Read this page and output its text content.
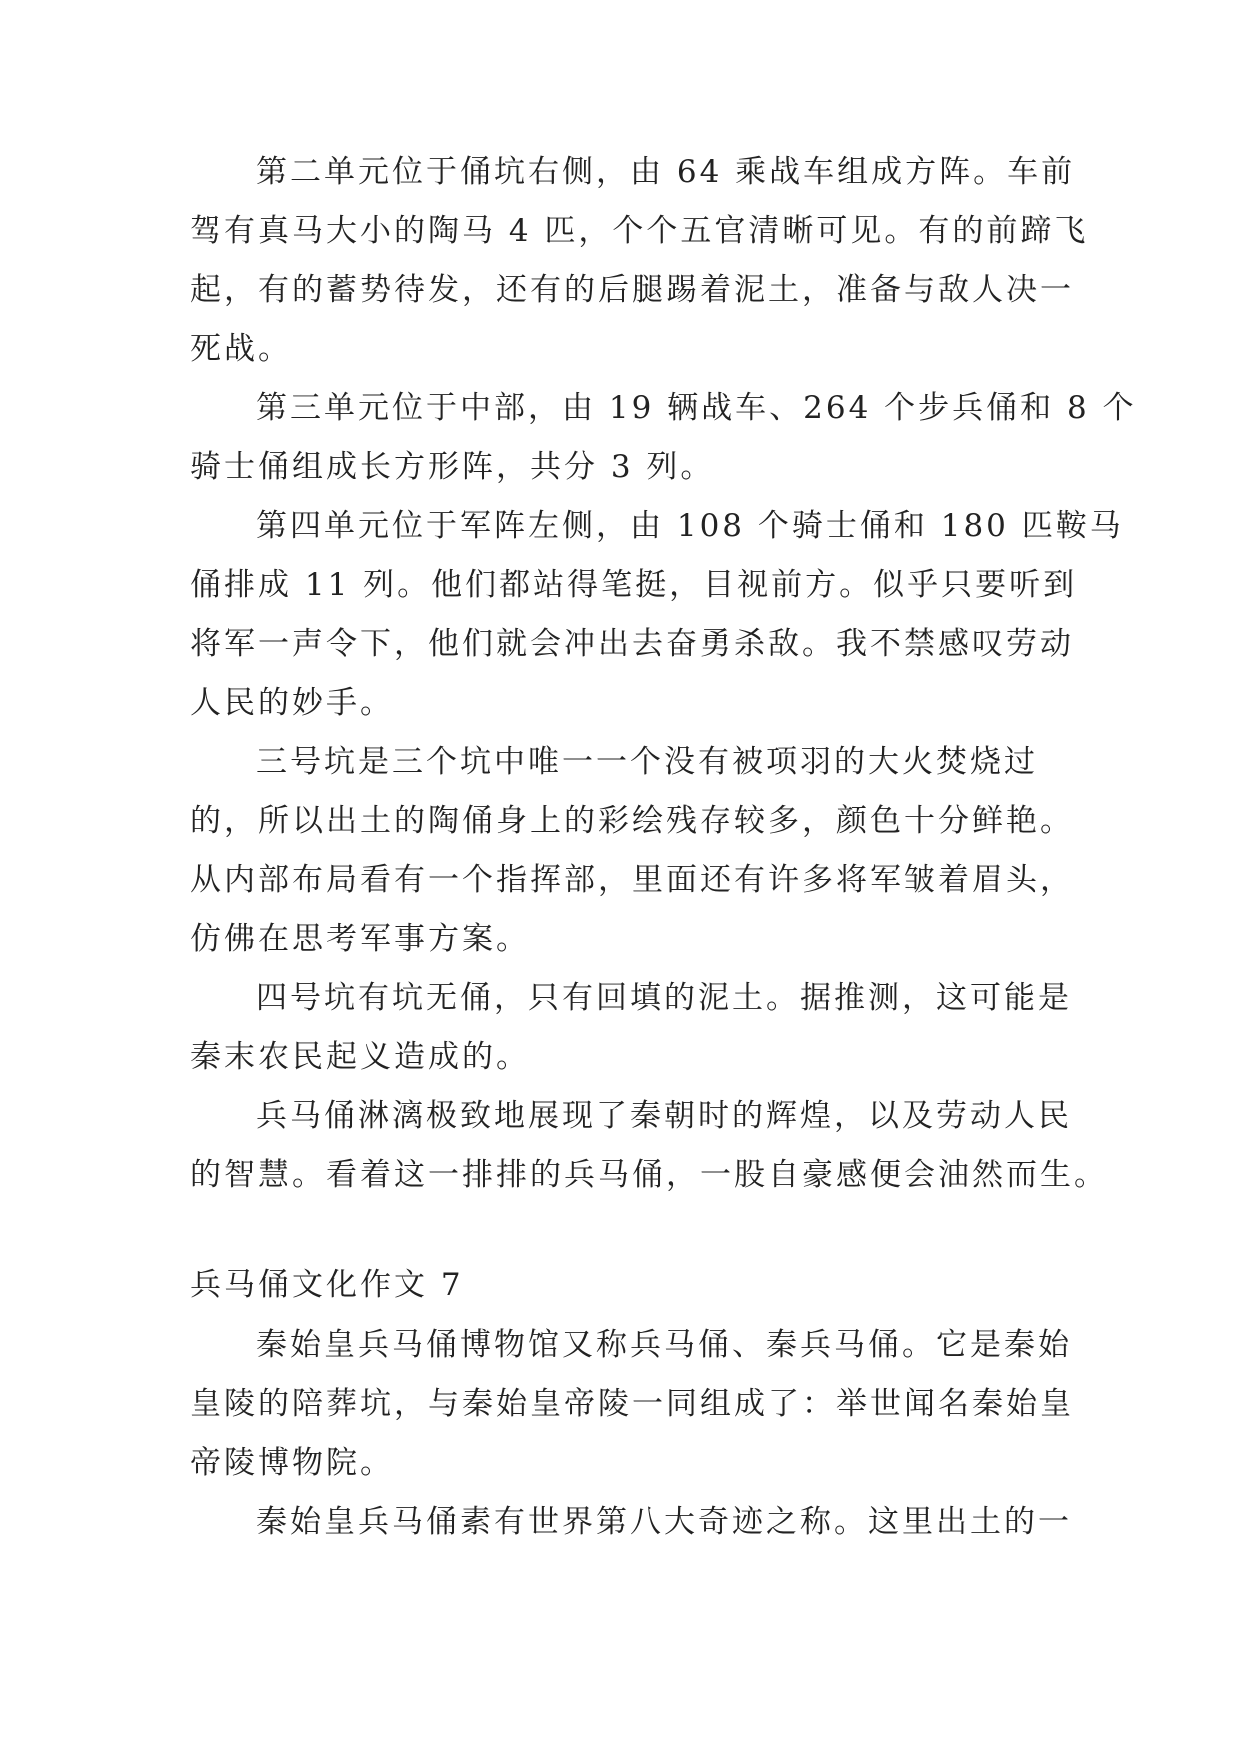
第二单元位于俑坑右侧，由 64 乘战车组成方阵。车前
驾有真马大小的陶马 4 匹，个个五官清晰可见。有的前蹄飞
起，有的蓄势待发，还有的后腿踢着泥土，准备与敌人决一
死战。
第三单元位于中部，由 19 辆战车、264 个步兵俑和 8 个
骑士俑组成长方形阵，共分 3 列。
第四单元位于军阵左侧，由 108 个骑士俑和 180 匹鞍马
俑排成 11 列。他们都站得笔挺，目视前方。似乎只要听到
将军一声令下，他们就会冲出去奋勇杀敌。我不禁感叹劳动
人民的妙手。
三号坑是三个坑中唯一一个没有被项羽的大火焚烧过
的，所以出土的陶俑身上的彩绘残存较多，颜色十分鲜艳。
从内部布局看有一个指挥部，里面还有许多将军皱着眉头，
仿佛在思考军事方案。
四号坑有坑无俑，只有回填的泥土。据推测，这可能是
秦末农民起义造成的。
兵马俑淋漓极致地展现了秦朝时的辉煌，以及劳动人民
的智慧。看着这一排排的兵马俑，一股自豪感便会油然而生。
兵马俑文化作文 7
秦始皇兵马俑博物馆又称兵马俑、秦兵马俑。它是秦始
皇陵的陪葬坑，与秦始皇帝陵一同组成了：举世闻名秦始皇
帝陵博物院。
秦始皇兵马俑素有世界第八大奇迹之称。这里出土的一
